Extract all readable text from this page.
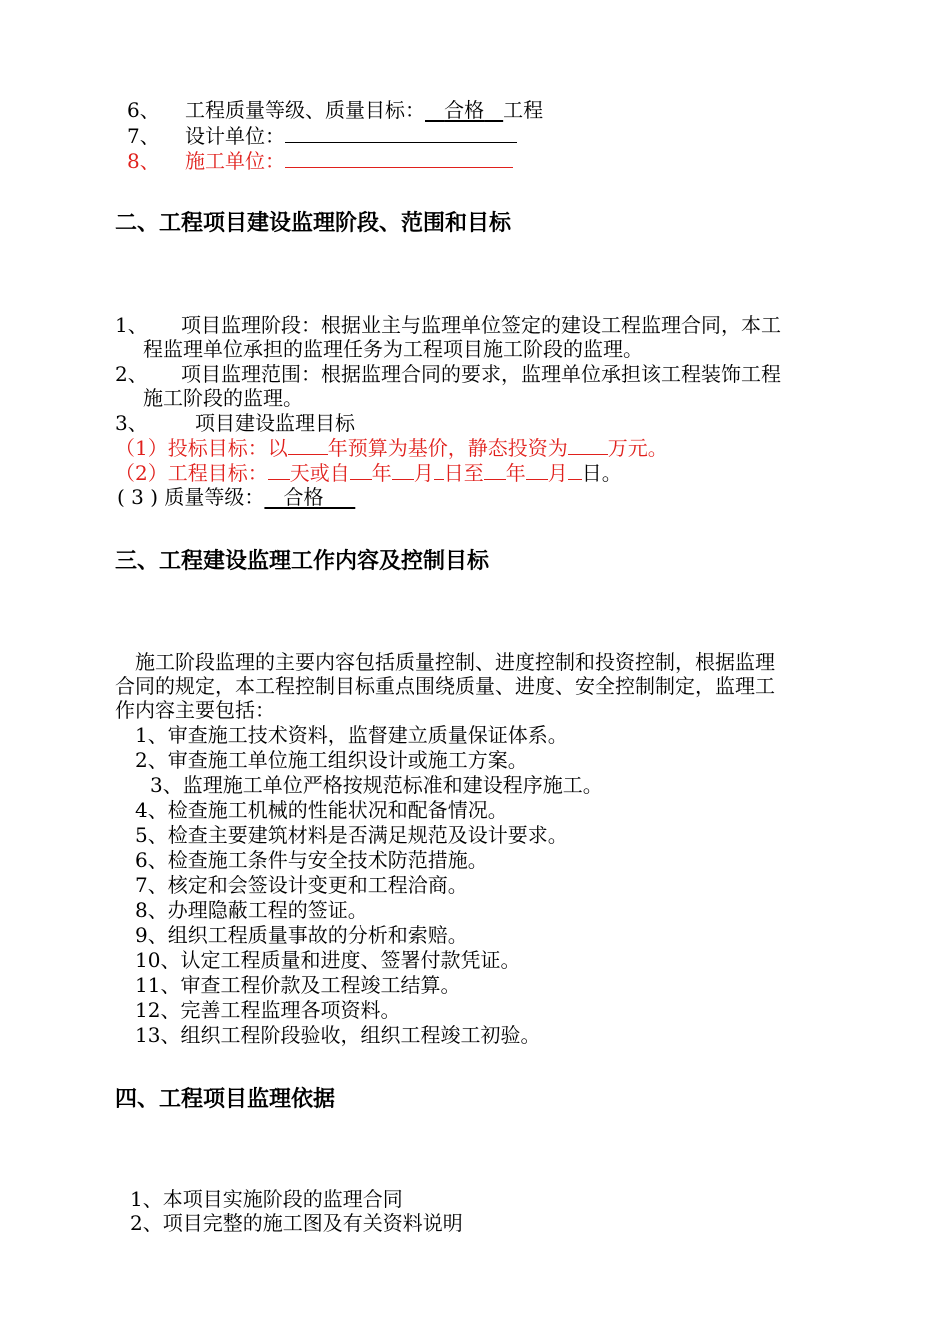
6、 工程质量等级、质量目标： 合格 工程
7、 设计单位：
8、 施工单位：
二、工程项目建设监理阶段、范围和目标
1、 项目监理阶段：根据业主与监理单位签定的建设工程监理合同，本工
程监理单位承担的监理任务为工程项目施工阶段的监理。
2、 项目监理范围：根据监理合同的要求，监理单位承担该工程装饰工程
施工阶段的监理。
3、 项目建设监理目标
（1）投标目标：以 年预算为基价，静态投资为 万元。
（2）工程目标： 天或自 年 月 日至 年 月 日。
( 3 ) 质量等级： 合格
三、工程建设监理工作内容及控制目标
施工阶段监理的主要内容包括质量控制、进度控制和投资控制，根据监理
合同的规定，本工程控制目标重点围绕质量、进度、安全控制制定，监理工
作内容主要包括：
1、审查施工技术资料，监督建立质量保证体系。
2、审查施工单位施工组织设计或施工方案。
3、监理施工单位严格按规范标准和建设程序施工。
4、检查施工机械的性能状况和配备情况。
5、检查主要建筑材料是否满足规范及设计要求。
6、检查施工条件与安全技术防范措施。
7、核定和会签设计变更和工程洽商。
8、办理隐蔽工程的签证。
9、组织工程质量事故的分析和索赔。
10、认定工程质量和进度、签署付款凭证。
11、审查工程价款及工程竣工结算。
12、完善工程监理各项资料。
13、组织工程阶段验收，组织工程竣工初验。
四、工程项目监理依据
1、本项目实施阶段的监理合同
2、项目完整的施工图及有关资料说明
